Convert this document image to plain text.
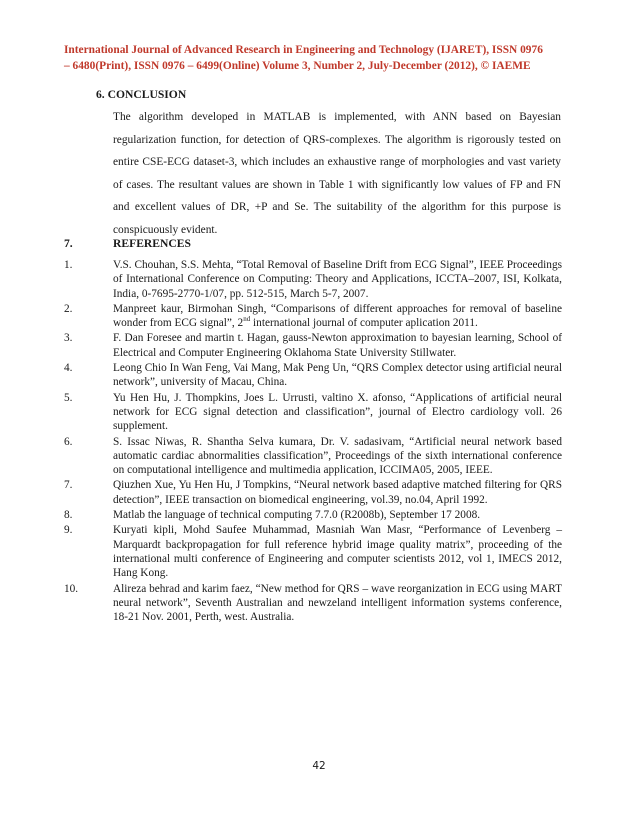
International Journal of Advanced Research in Engineering and Technology (IJARET), ISSN 0976
– 6480(Print), ISSN 0976 – 6499(Online) Volume 3, Number 2, July-December (2012), © IAEME
6. CONCLUSION
The algorithm developed in MATLAB is implemented, with ANN based on Bayesian regularization function, for detection of QRS-complexes. The algorithm is rigorously tested on entire CSE-ECG dataset-3, which includes an exhaustive range of morphologies and vast variety of cases. The resultant values are shown in Table 1 with significantly low values of FP and FN and excellent values of DR, +P and Se. The suitability of the algorithm for this purpose is conspicuously evident.
7.	REFERENCES
1.	V.S. Chouhan, S.S. Mehta, “Total Removal of Baseline Drift from ECG Signal”, IEEE Proceedings of International Conference on Computing: Theory and Applications, ICCTA–2007, ISI, Kolkata, India, 0-7695-2770-1/07, pp. 512-515, March 5-7, 2007.
2.	Manpreet kaur, Birmohan Singh, “Comparisons of different approaches for removal of baseline wonder from ECG signal”, 2nd international journal of computer aplication 2011.
3.	F. Dan Foresee and martin t. Hagan, gauss-Newton approximation to bayesian learning, School of Electrical and Computer Engineering Oklahoma State University Stillwater.
4.	Leong Chio In Wan Feng, Vai Mang, Mak Peng Un, “QRS Complex detector using artificial neural network”, university of Macau, China.
5.	Yu Hen Hu, J. Thompkins, Joes L. Urrusti, valtino X. afonso, “Applications of artificial neural network for ECG signal detection and classification”, journal of Electro cardiology voll. 26 supplement.
6.	S. Issac Niwas, R. Shantha Selva kumara, Dr. V. sadasivam, “Artificial neural network based automatic cardiac abnormalities classification”, Proceedings of the sixth international conference on computational intelligence and multimedia application, ICCIMA05, 2005, IEEE.
7.	Qiuzhen Xue, Yu Hen Hu, J Tompkins, “Neural network based adaptive matched filtering for QRS detection”, IEEE transaction on biomedical engineering, vol.39, no.04, April 1992.
8.	Matlab the language of technical computing 7.7.0 (R2008b), September 17 2008.
9.	Kuryati kipli, Mohd Saufee Muhammad, Masniah Wan Masr, “Performance of Levenberg – Marquardt backpropagation for full reference hybrid image quality matrix”, proceeding of the international multi conference of Engineering and computer scientists 2012, vol 1, IMECS 2012, Hang Kong.
10.	Alireza behrad and karim faez, “New method for QRS – wave reorganization in ECG using MART neural network”, Seventh Australian and newzeland intelligent information systems conference, 18-21 Nov. 2001, Perth, west. Australia.
42
